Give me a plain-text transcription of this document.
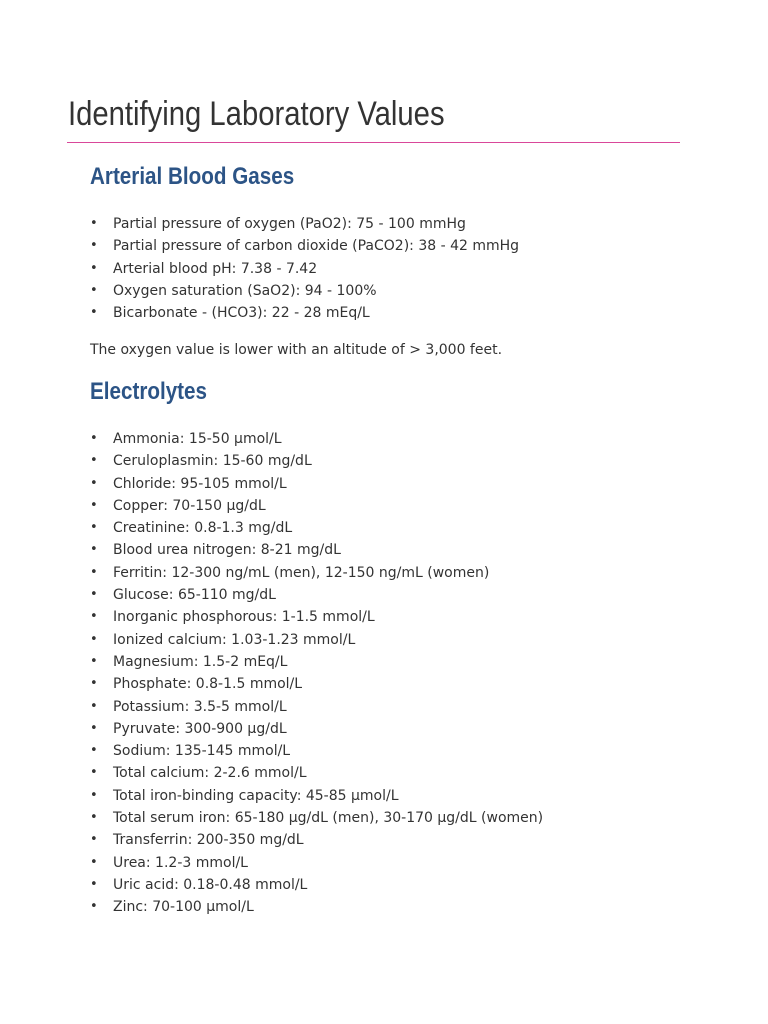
Identifying Laboratory Values
Arterial Blood Gases
• Partial pressure of oxygen (PaO2): 75 - 100 mmHg
• Partial pressure of carbon dioxide (PaCO2): 38 - 42 mmHg
• Arterial blood pH: 7.38 - 7.42
• Oxygen saturation (SaO2): 94 - 100%
• Bicarbonate - (HCO3): 22 - 28 mEq/L

The oxygen value is lower with an altitude of > 3,000 feet.

Electrolytes
• Ammonia: 15-50 µmol/L
• Ceruloplasmin: 15-60 mg/dL
• Chloride: 95-105 mmol/L
• Copper: 70-150 µg/dL
• Creatinine: 0.8-1.3 mg/dL
• Blood urea nitrogen: 8-21 mg/dL
• Ferritin: 12-300 ng/mL (men), 12-150 ng/mL (women)
• Glucose: 65-110 mg/dL
• Inorganic phosphorous: 1-1.5 mmol/L
• Ionized calcium: 1.03-1.23 mmol/L
• Magnesium: 1.5-2 mEq/L
• Phosphate: 0.8-1.5 mmol/L
• Potassium: 3.5-5 mmol/L
• Pyruvate: 300-900 µg/dL
• Sodium: 135-145 mmol/L
• Total calcium: 2-2.6 mmol/L
• Total iron-binding capacity: 45-85 µmol/L
• Total serum iron: 65-180 µg/dL (men), 30-170 µg/dL (women)
• Transferrin: 200-350 mg/dL
• Urea: 1.2-3 mmol/L
• Uric acid: 0.18-0.48 mmol/L
• Zinc: 70-100 µmol/L
